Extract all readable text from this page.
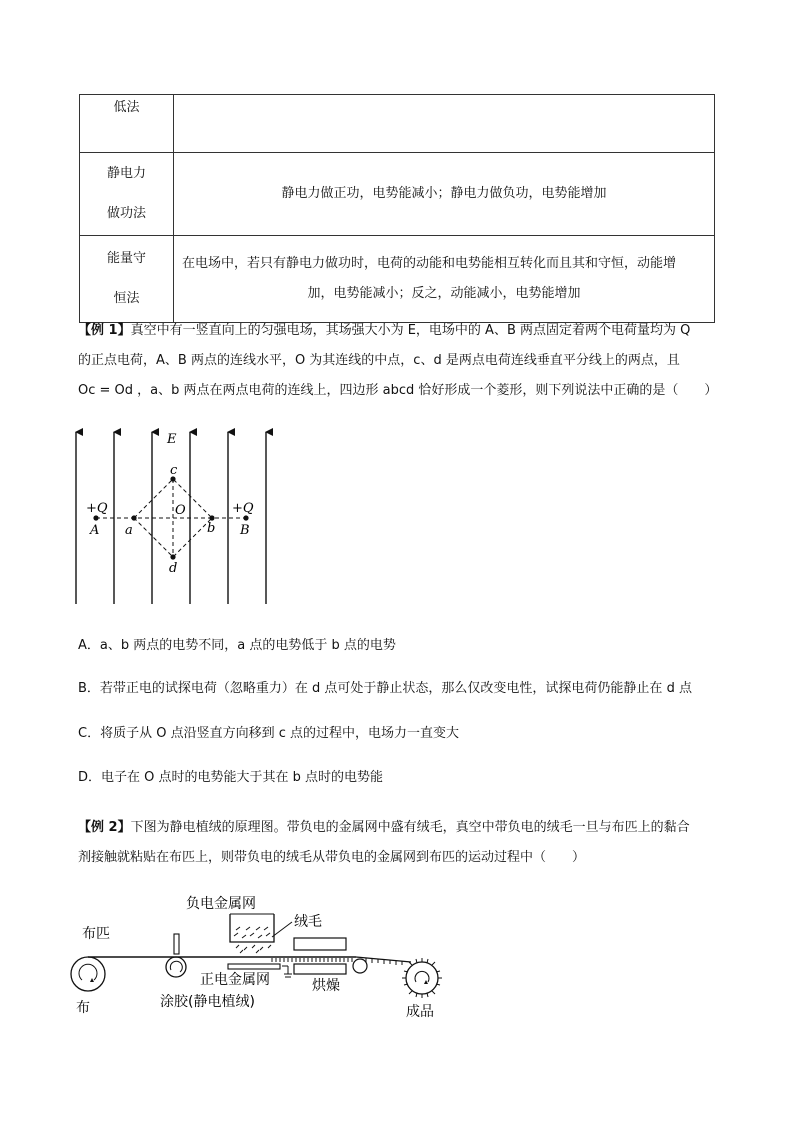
低法	

静电力
做功法	静电力做正功，电势能减小；静电力做负功，电势能增加

能量守
恒法	在电场中，若只有静电力做功时，电荷的动能和电势能相互转化而且其和守恒，动能增
加，电势能减小；反之，动能减小，电势能增加
【例 1】真空中有一竖直向上的匀强电场，其场强大小为 E，电场中的 A、B 两点固定着两个电荷量均为 Q
的正点电荷，A、B 两点的连线水平，O 为其连线的中点，c、d 是两点电荷连线垂直平分线上的两点，且
Oc = Od ，a、b 两点在两点电荷的连线上，四边形 abcd 恰好形成一个菱形，则下列说法中正确的是（　　）
E
c
O
+Q	+Q
A a	b B
d
A．a、b 两点的电势不同，a 点的电势低于 b 点的电势
B．若带正电的试探电荷（忽略重力）在 d 点可处于静止状态，那么仅改变电性，试探电荷仍能静止在 d 点
C．将质子从 O 点沿竖直方向移到 c 点的过程中，电场力一直变大
D．电子在 O 点时的电势能大于其在 b 点时的电势能
【例 2】下图为静电植绒的原理图。带负电的金属网中盛有绒毛，真空中带负电的绒毛一旦与布匹上的黏合
剂接触就粘贴在布匹上，则带负电的绒毛从带负电的金属网到布匹的运动过程中（　　）
负电金属网
绒毛
布匹
正电金属网	烘燥
涂胶(静电植绒)
布	成品
